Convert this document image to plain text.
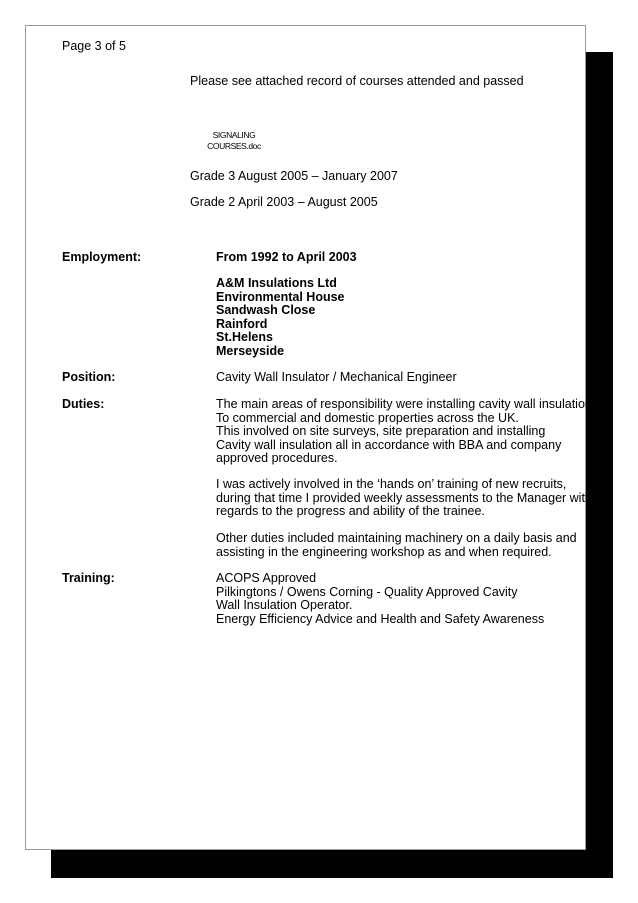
Page 3 of 5
Please see attached record of courses attended and passed
SIGNALING
COURSES.doc
Grade 3 August 2005 – January 2007
Grade 2 April 2003 – August 2005
Employment:	From 1992 to April 2003
A&M Insulations Ltd
Environmental House
Sandwash Close
Rainford
St.Helens
Merseyside
Position:	Cavity Wall Insulator / Mechanical Engineer
Duties:	The main areas of responsibility were installing cavity wall insulation
To commercial and domestic properties across the UK.
This involved on site surveys, site preparation and installing
Cavity wall insulation all in accordance with BBA and company
approved procedures.
I was actively involved in the ‘hands on’ training of new recruits,
during that time I provided weekly assessments to the Manager with
regards to the progress and ability of the trainee.
Other duties included maintaining machinery on a daily basis and
assisting in the engineering workshop as and when required.
Training:	ACOPS Approved
Pilkingtons / Owens Corning - Quality Approved Cavity
Wall Insulation Operator.
Energy Efficiency Advice and Health and Safety Awareness
